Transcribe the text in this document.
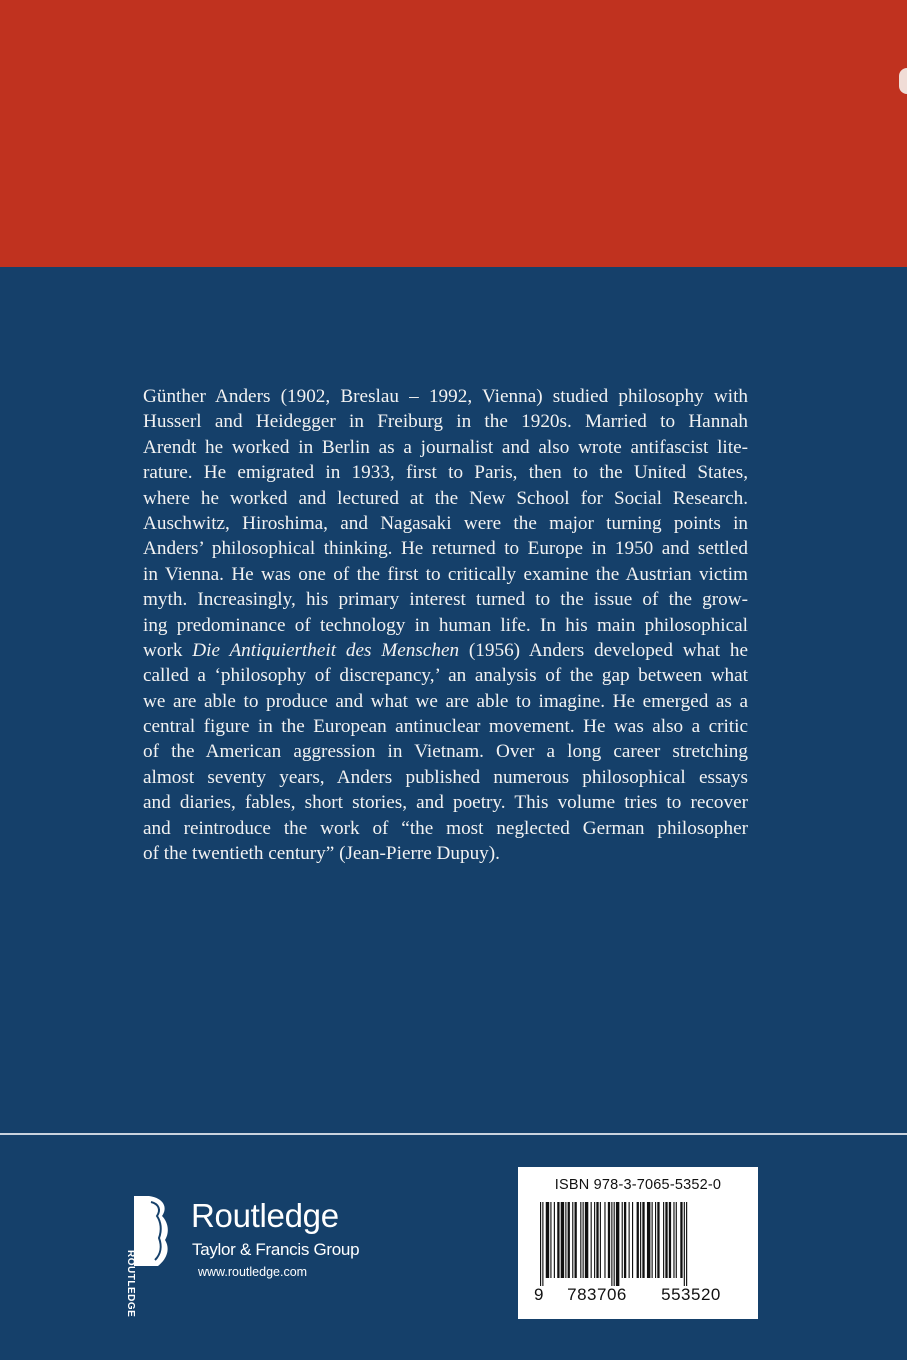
Günther Anders (1902, Breslau – 1992, Vienna) studied philosophy with
Husserl and Heidegger in Freiburg in the 1920s. Married to Hannah
Arendt he worked in Berlin as a journalist and also wrote antifascist lite-
rature. He emigrated in 1933, first to Paris, then to the United States,
where he worked and lectured at the New School for Social Research.
Auschwitz, Hiroshima, and Nagasaki were the major turning points in
Anders’ philosophical thinking. He returned to Europe in 1950 and settled
in Vienna. He was one of the first to critically examine the Austrian victim
myth. Increasingly, his primary interest turned to the issue of the grow-
ing predominance of technology in human life. In his main philosophical
work Die Antiquiertheit des Menschen (1956) Anders developed what he
called a ‘philosophy of discrepancy,’ an analysis of the gap between what
we are able to produce and what we are able to imagine. He emerged as a
central figure in the European antinuclear movement. He was also a critic
of the American aggression in Vietnam. Over a long career stretching
almost seventy years, Anders published numerous philosophical essays
and diaries, fables, short stories, and poetry. This volume tries to recover
and reintroduce the work of “the most neglected German philosopher
of the twentieth century” (Jean-Pierre Dupuy).
ROUTLEDGE
Routledge
Taylor & Francis Group
www.routledge.com
ISBN 978-3-7065-5352-0
9	783706	553520
